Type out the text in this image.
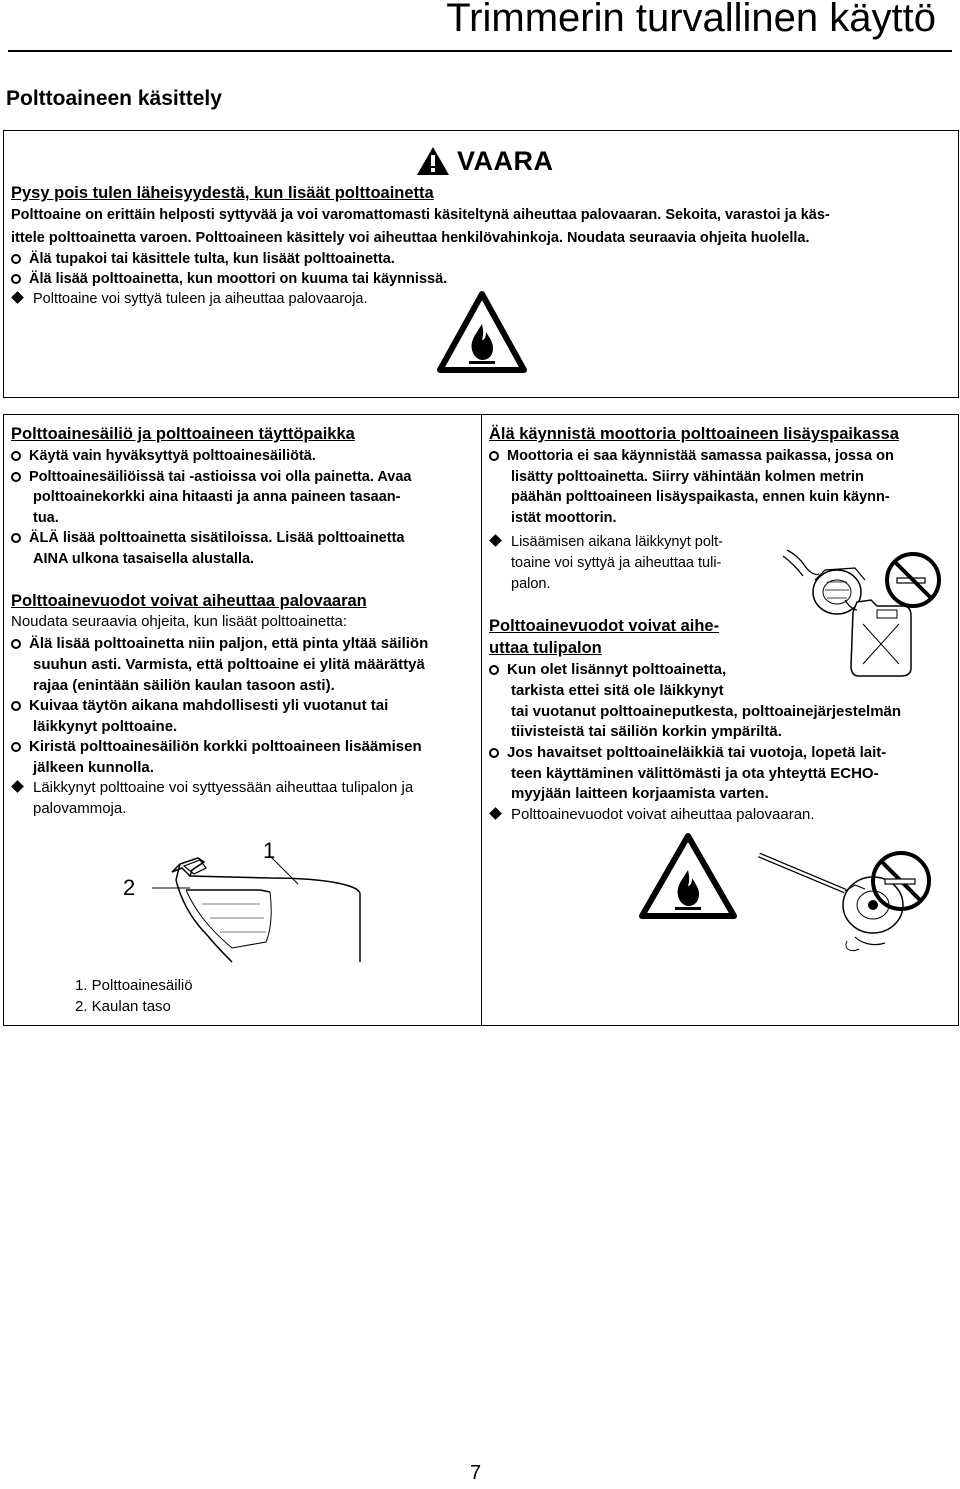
Trimmerin turvallinen käyttö
Polttoaineen käsittely
VAARA
Pysy pois tulen läheisyydestä, kun lisäät polttoainetta
Polttoaine on erittäin helposti syttyvää ja voi varomattomasti käsiteltynä aiheuttaa palovaaran. Sekoita, varastoi ja käs-
ittele polttoainetta varoen. Polttoaineen käsittely voi aiheuttaa henkilövahinkoja. Noudata seuraavia ohjeita huolella.
Älä tupakoi tai käsittele tulta, kun lisäät polttoainetta.
Älä lisää polttoainetta, kun moottori on kuuma tai käynnissä.
Polttoaine voi syttyä tuleen ja aiheuttaa palovaaroja.
Polttoainesäiliö ja polttoaineen täyttöpaikka
Käytä vain hyväksyttyä polttoainesäiliötä.
Polttoainesäiliöissä tai -astioissa voi olla painetta. Avaa
polttoainekorkki aina hitaasti ja anna paineen tasaan-
tua.
ÄLÄ lisää polttoainetta sisätiloissa. Lisää polttoainetta
AINA ulkona tasaisella alustalla.
Polttoainevuodot voivat aiheuttaa palovaaran
Noudata seuraavia ohjeita, kun lisäät polttoainetta:
Älä lisää polttoainetta niin paljon, että pinta yltää säiliön
suuhun asti. Varmista, että polttoaine ei ylitä määrättyä
rajaa (enintään säiliön kaulan tasoon asti).
Kuivaa täytön aikana mahdollisesti yli vuotanut tai
läikkynyt polttoaine.
Kiristä polttoainesäiliön korkki polttoaineen lisäämisen
jälkeen kunnolla.
Läikkynyt polttoaine voi syttyessään aiheuttaa tulipalon ja
palovammoja.
1
2
1. Polttoainesäiliö
2. Kaulan taso
Älä käynnistä moottoria polttoaineen lisäyspaikassa
Moottoria ei saa käynnistää samassa paikassa, jossa on
lisätty polttoainetta. Siirry vähintään kolmen metrin
päähän polttoaineen lisäyspaikasta, ennen kuin käynn-
istät moottorin.
Lisäämisen aikana läikkynyt polt-
toaine voi syttyä ja aiheuttaa tuli-
palon.
Polttoainevuodot voivat aihe-
uttaa tulipalon
Kun olet lisännyt polttoainetta,
tarkista ettei sitä ole läikkynyt
tai vuotanut polttoaineputkesta, polttoainejärjestelmän
tiivisteistä tai säiliön korkin ympäriltä.
Jos havaitset polttoaineläikkiä tai vuotoja, lopetä lait-
teen käyttäminen välittömästi ja ota yhteyttä ECHO-
myyjään laitteen korjaamista varten.
Polttoainevuodot voivat aiheuttaa palovaaran.
7
